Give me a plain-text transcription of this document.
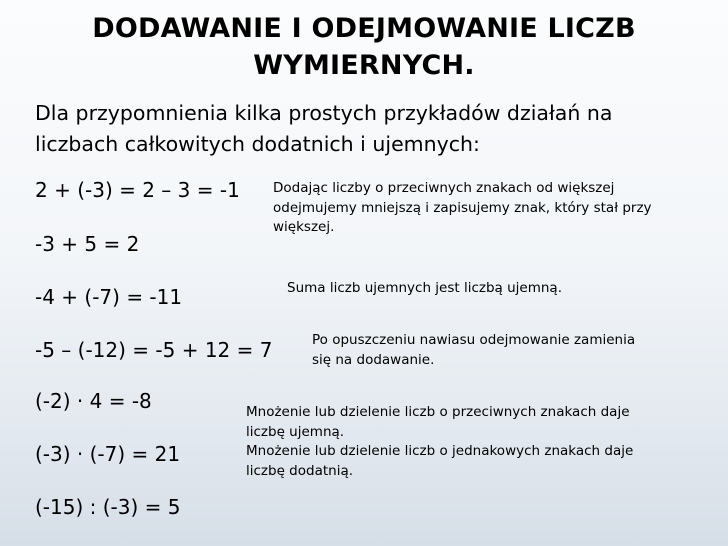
DODAWANIE I ODEJMOWANIE LICZB
WYMIERNYCH.
Dla przypomnienia kilka prostych przykładów działań na
liczbach całkowitych dodatnich i ujemnych:
2 + (-3) = 2 – 3 = -1
-3 + 5 = 2
-4 + (-7) = -11
-5 – (-12) = -5 + 12 = 7
(-2) · 4 = -8
(-3) · (-7) = 21
(-15) : (-3) = 5
Dodając liczby o przeciwnych znakach od większej
odejmujemy mniejszą i zapisujemy znak, który stał przy
większej.
Suma liczb ujemnych jest liczbą ujemną.
Po opuszczeniu nawiasu odejmowanie zamienia
się na dodawanie.
Mnożenie lub dzielenie liczb o przeciwnych znakach daje
liczbę ujemną.
Mnożenie lub dzielenie liczb o jednakowych znakach daje
liczbę dodatnią.
